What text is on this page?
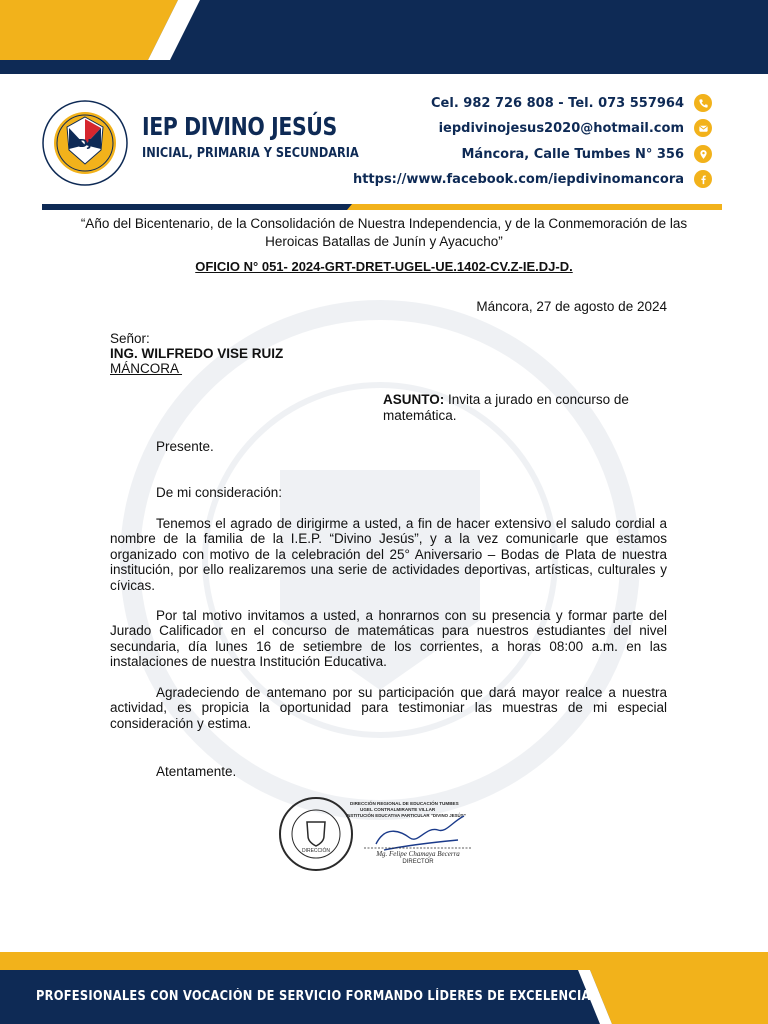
DJ
IEP DIVINO JESÚS
INICIAL, PRIMARIA Y SECUNDARIA
Cel. 982 726 808 - Tel. 073 557964
iepdivinojesus2020@hotmail.com
Máncora, Calle Tumbes N° 356
https://www.facebook.com/iepdivinomancora
“Año del Bicentenario, de la Consolidación de Nuestra Independencia, y de la Conmemoración de las Heroicas Batallas de Junín y Ayacucho”
OFICIO N° 051- 2024-GRT-DRET-UGEL-UE.1402-CV.Z-IE.DJ-D.
Máncora, 27 de agosto de 2024
Señor:
ING. WILFREDO VISE RUIZ
MÁNCORA
ASUNTO: Invita a jurado en concurso de matemática.
Presente.
De mi consideración:
Tenemos el agrado de dirigirme a usted, a fin de hacer extensivo el saludo cordial a nombre de la familia de la I.E.P. “Divino Jesús”, y a la vez comunicarle que estamos organizado con motivo de la celebración del 25° Aniversario – Bodas de Plata de nuestra institución, por ello realizaremos una serie de actividades deportivas, artísticas, culturales y cívicas.
Por tal motivo invitamos a usted, a honrarnos con su presencia y formar parte del Jurado Calificador en el concurso de matemáticas para nuestros estudiantes del nivel secundaria, día lunes 16 de setiembre de los corrientes, a horas 08:00 a.m. en las instalaciones de nuestra Institución Educativa.
Agradeciendo de antemano por su participación que dará mayor realce a nuestra actividad, es propicia la oportunidad para testimoniar las muestras de mi especial consideración y estima.
Atentamente.
DIRECCIÓN
DIRECCIÓN REGIONAL DE EDUCACIÓN TUMBES
UGEL CONTRALMIRANTE VILLAR
INSTITUCIÓN EDUCATIVA PARTICULAR “DIVINO JESÚS”
Mg. Felipe Chamaya Becerra
DIRECTOR
PROFESIONALES CON VOCACIÓN DE SERVICIO FORMANDO LÍDERES DE EXCELENCIA
